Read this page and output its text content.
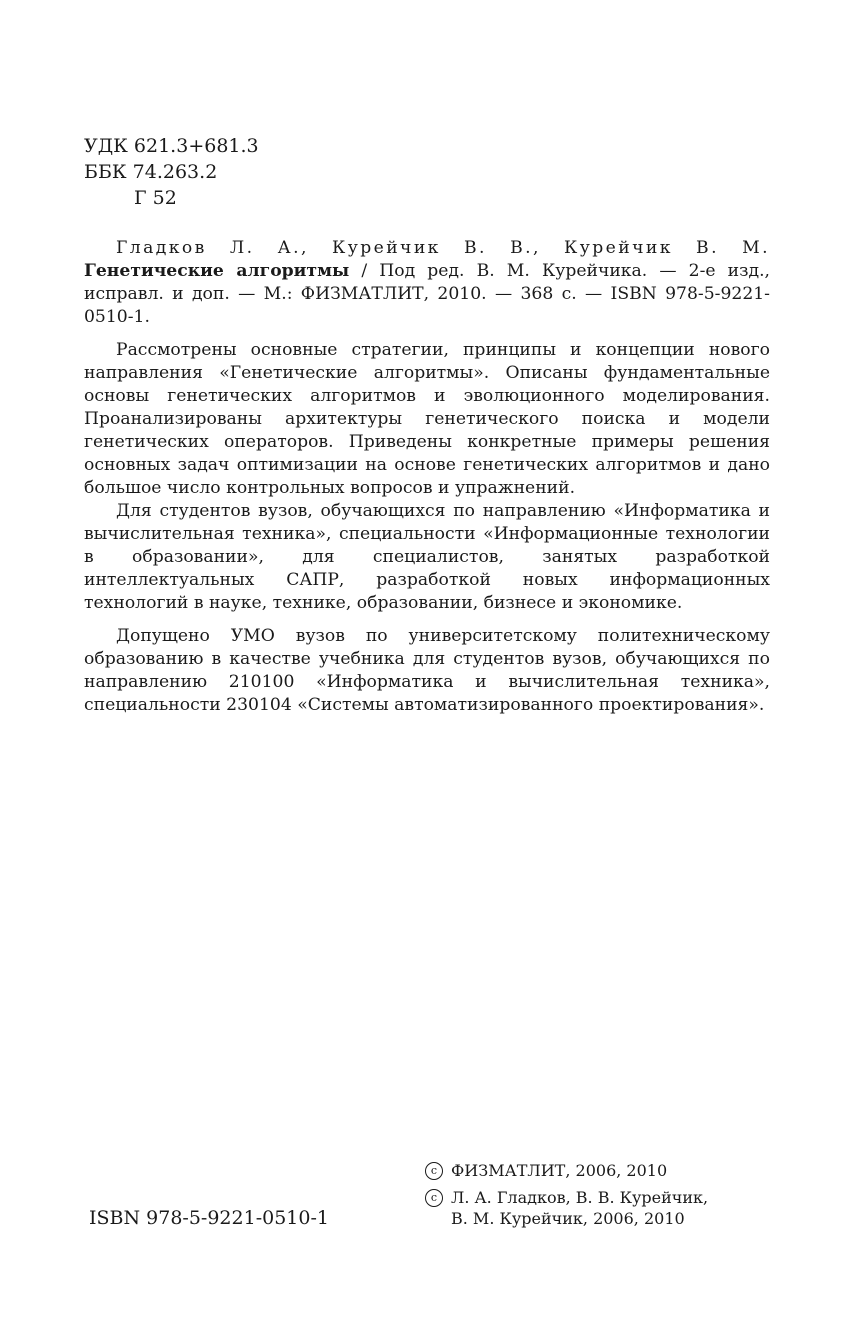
УДК 621.3+681.3
ББК 74.263.2
Г 52

Гладков Л. А., Курейчик В. В., Курейчик В. М. Генетические алгоритмы / Под ред. В. М. Курейчика. — 2-е изд., исправл. и доп. — М.: ФИЗМАТЛИТ, 2010. — 368 с. — ISBN 978-5-9221-0510-1.

Рассмотрены основные стратегии, принципы и концепции нового направления «Генетические алгоритмы». Описаны фундаментальные основы генетических алгоритмов и эволюционного моделирования. Проанализированы архитектуры генетического поиска и модели генетических операторов. Приведены конкретные примеры решения основных задач оптимизации на основе генетических алгоритмов и дано большое число контрольных вопросов и упражнений.

Для студентов вузов, обучающихся по направлению «Информатика и вычислительная техника», специальности «Информационные технологии в образовании», для специалистов, занятых разработкой интеллектуальных САПР, разработкой новых информационных технологий в науке, технике, образовании, бизнесе и экономике.

Допущено УМО вузов по университетскому политехническому образованию в качестве учебника для студентов вузов, обучающихся по направлению 210100 «Информатика и вычислительная техника», специальности 230104 «Системы автоматизированного проектирования».

c ФИЗМАТЛИТ, 2006, 2010
c Л. А. Гладков, В. В. Курейчик,
В. М. Курейчик, 2006, 2010
ISBN 978-5-9221-0510-1
